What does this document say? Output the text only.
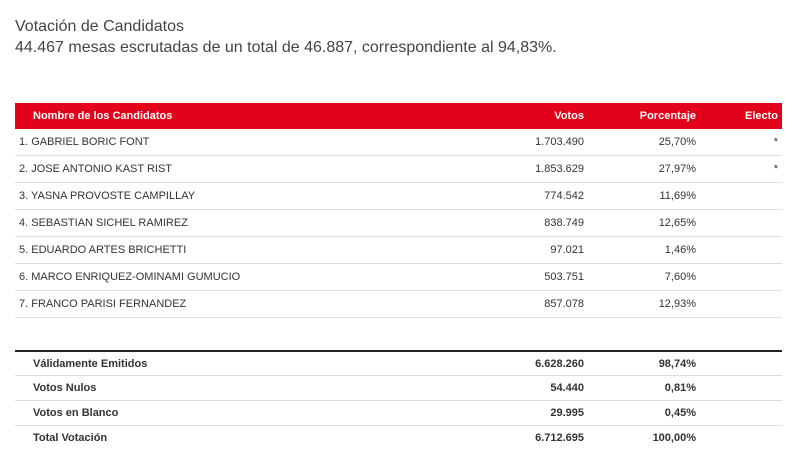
Votación de Candidatos
44.467 mesas escrutadas de un total de 46.887, correspondiente al 94,83%.
Nombre de los Candidatos	Votos	Porcentaje	Electo
1. GABRIEL BORIC FONT	1.703.490	25,70%	*
2. JOSE ANTONIO KAST RIST	1.853.629	27,97%	*
3. YASNA PROVOSTE CAMPILLAY	774.542	11,69%	
4. SEBASTIAN SICHEL RAMIREZ	838.749	12,65%	
5. EDUARDO ARTES BRICHETTI	97.021	1,46%	
6. MARCO ENRIQUEZ-OMINAMI GUMUCIO	503.751	7,60%	
7. FRANCO PARISI FERNANDEZ	857.078	12,93%	
Válidamente Emitidos	6.628.260	98,74%	
Votos Nulos	54.440	0,81%	
Votos en Blanco	29.995	0,45%	
Total Votación	6.712.695	100,00%	
